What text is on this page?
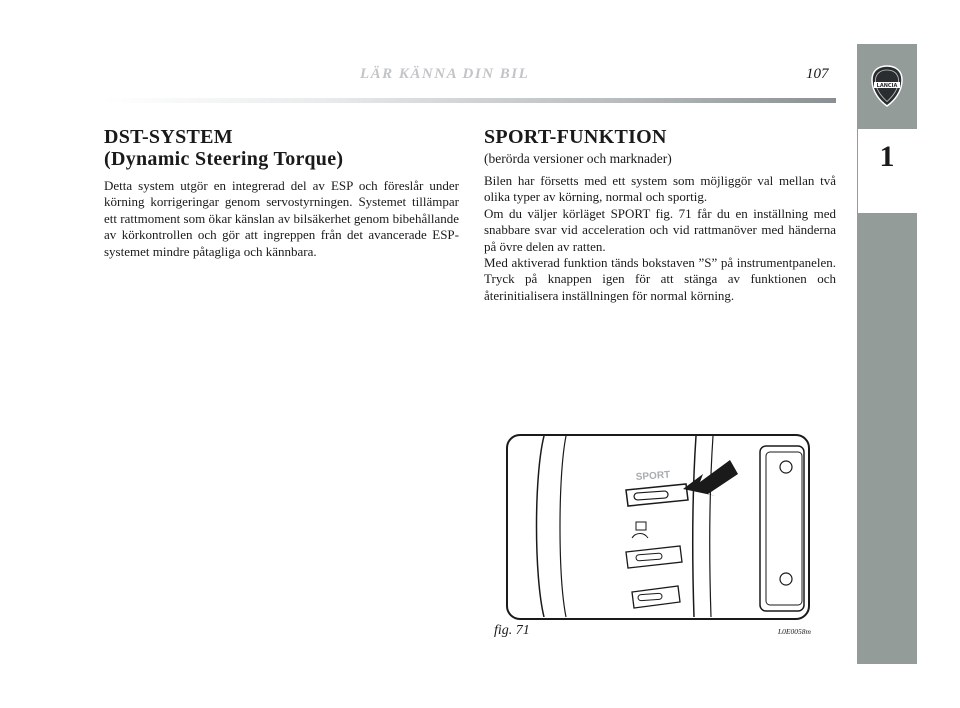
LÄR KÄNNA DIN BIL	107
LANCIA
1
DST-SYSTEM
(Dynamic Steering Torque)
Detta system utgör en integrerad del av ESP och föreslår under körning korrigeringar genom servostyrningen. Systemet tillämpar ett rattmoment som ökar känslan av bilsäkerhet genom bibehållande av körkontrollen och gör att ingreppen från det avancerade ESP-systemet mindre påtagliga och kännbara.
SPORT-FUNKTION
(berörda versioner och marknader)

Bilen har försetts med ett system som möjliggör val mellan två olika typer av körning, normal och sportig.

Om du väljer körläget SPORT fig. 71 får du en inställning med snabbare svar vid acceleration och vid rattmanöver med händerna på övre delen av ratten.

Med aktiverad funktion tänds bokstaven ”S” på instrumentpanelen. Tryck på knappen igen för att stänga av funktionen och återinitialisera inställningen för normal körning.

SPORT
fig. 71	L0E0058m
